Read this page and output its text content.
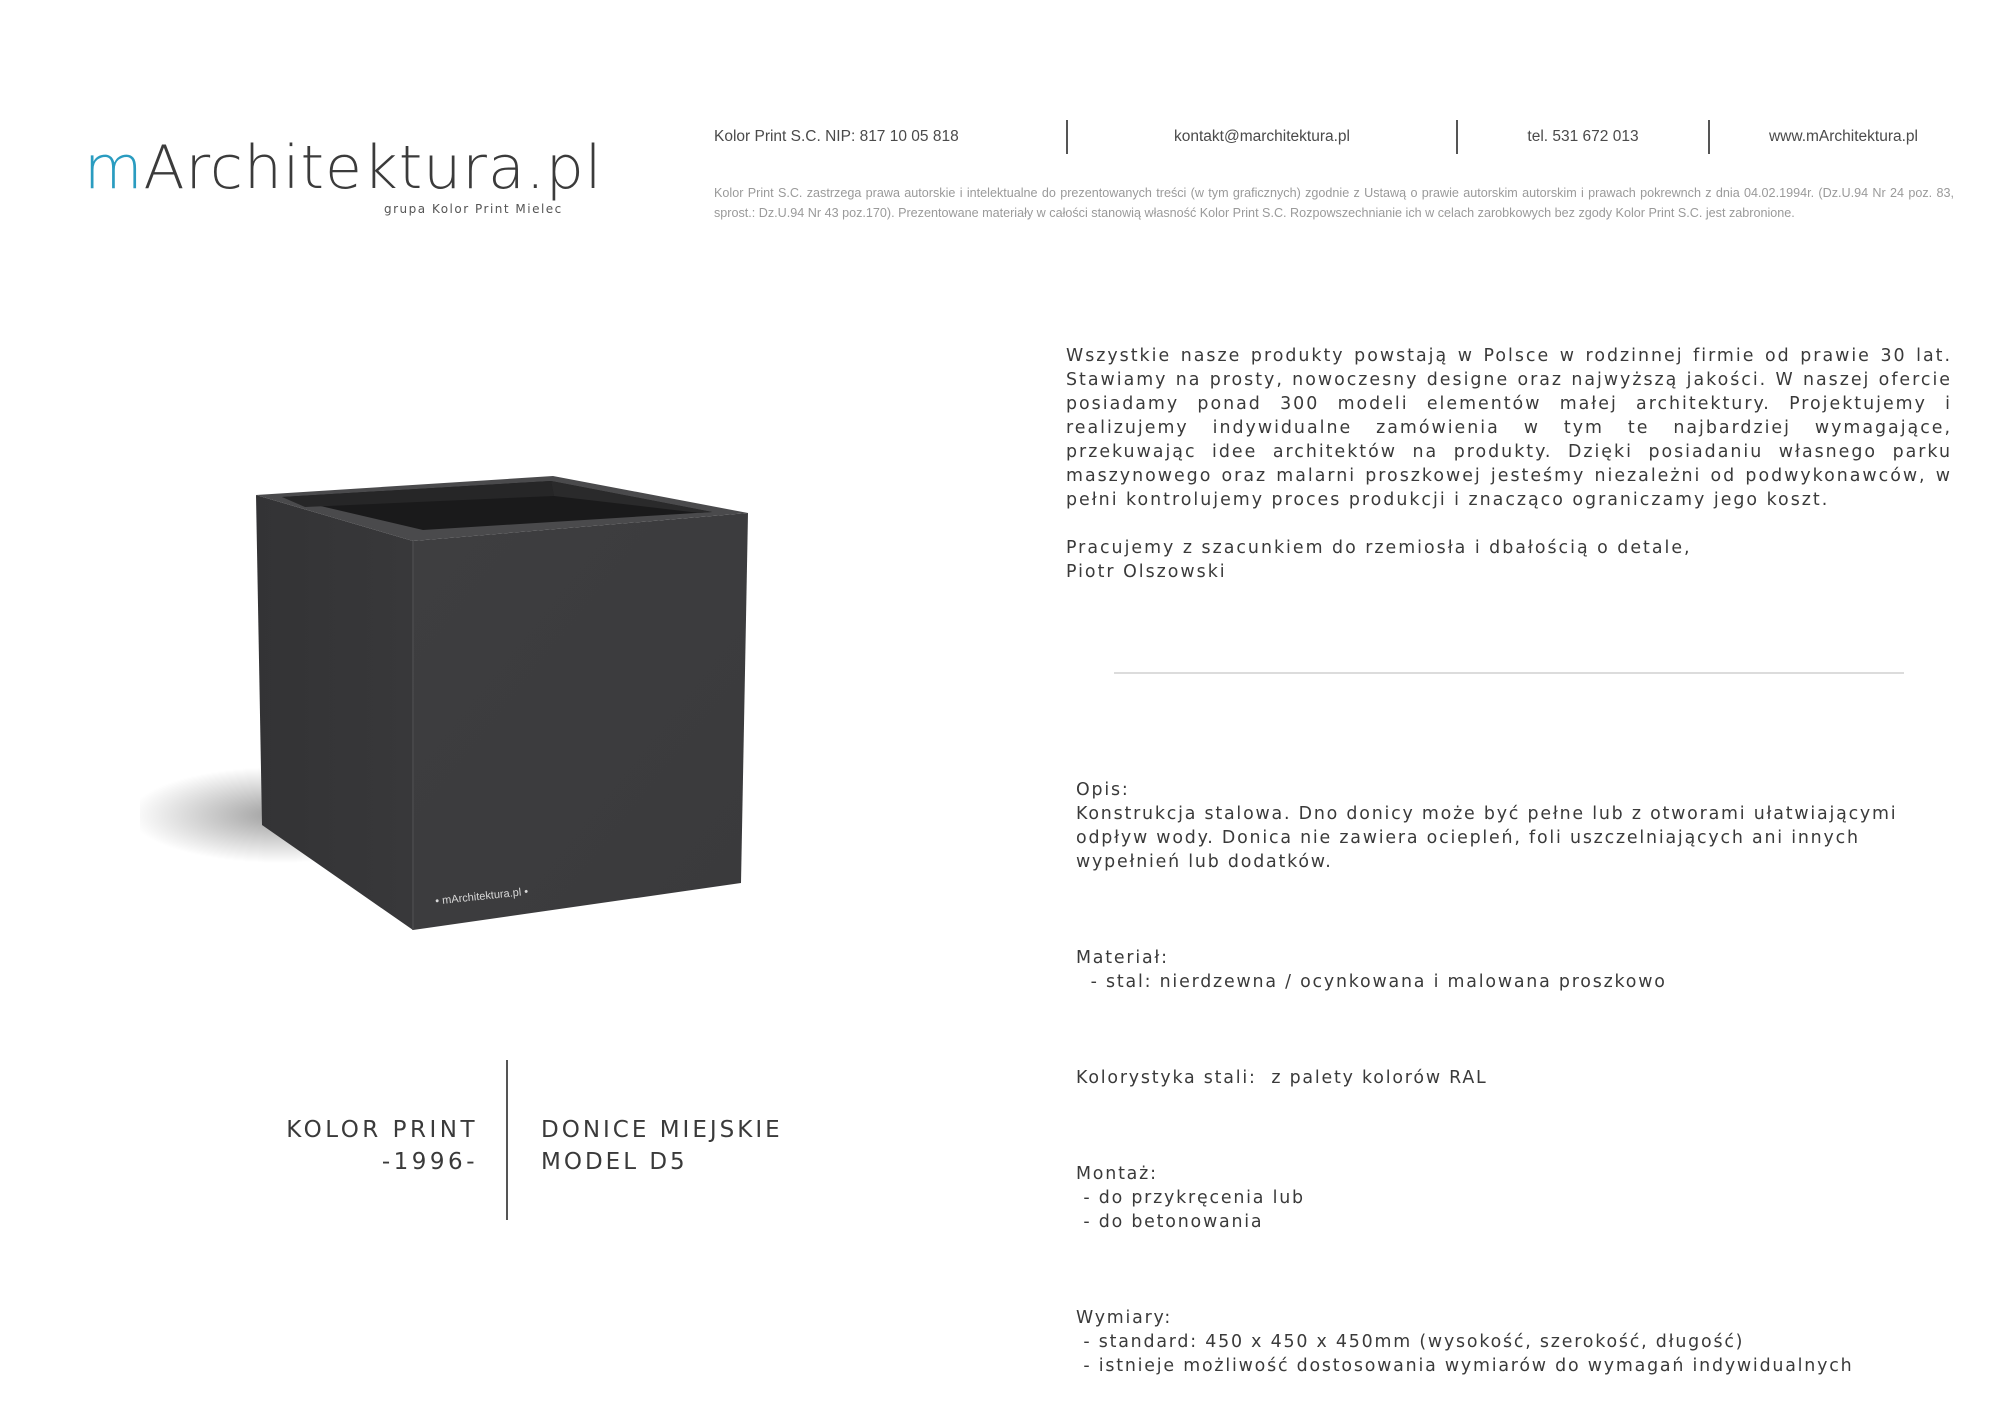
mArchitektura.pl
grupa Kolor Print Mielec
Kolor Print S.C. NIP: 817 10 05 818	kontakt@marchitektura.pl	tel. 531 672 013	www.mArchitektura.pl
Kolor Print S.C. zastrzega prawa autorskie i intelektualne do prezentowanych treści (w tym graficznych) zgodnie z Ustawą o prawie autorskim autorskim i prawach pokrewnch z dnia 04.02.1994r. (Dz.U.94 Nr 24 poz. 83, sprost.: Dz.U.94 Nr 43 poz.170). Prezentowane materiały w całości stanowią własność Kolor Print S.C. Rozpowszechnianie ich w celach zarobkowych bez zgody Kolor Print S.C. jest zabronione.
• mArchitektura.pl •
KOLOR PRINT
-1996-
DONICE MIEJSKIE
MODEL D5

Wszystkie nasze produkty powstają w Polsce w rodzinnej firmie od prawie 30 lat. Stawiamy na prosty, nowoczesny designe oraz najwyższą jakości. W naszej ofercie posiadamy ponad 300 modeli elementów małej architektury. Projektujemy i realizujemy indywidualne zamówienia w tym te najbardziej wymagające, przekuwając idee architektów na produkty. Dzięki posiadaniu własnego parku maszynowego oraz malarni proszkowej jesteśmy niezależni od podwykonawców, w pełni kontrolujemy proces produkcji i znacząco ograniczamy jego koszt.

Pracujemy z szacunkiem do rzemiosła i dbałością o detale,
Piotr Olszowski

Opis:
Konstrukcja stalowa. Dno donicy może być pełne lub z otworami ułatwiającymi
odpływ wody. Donica nie zawiera ociepleń, foli uszczelniających ani innych
wypełnień lub dodatków.

Materiał:
- stal: nierdzewna / ocynkowana i malowana proszkowo

Kolorystyka stali:  z palety kolorów RAL

Montaż:
- do przykręcenia lub
- do betonowania

Wymiary:
- standard: 450 x 450 x 450mm (wysokość, szerokość, długość)
- istnieje możliwość dostosowania wymiarów do wymagań indywidualnych
